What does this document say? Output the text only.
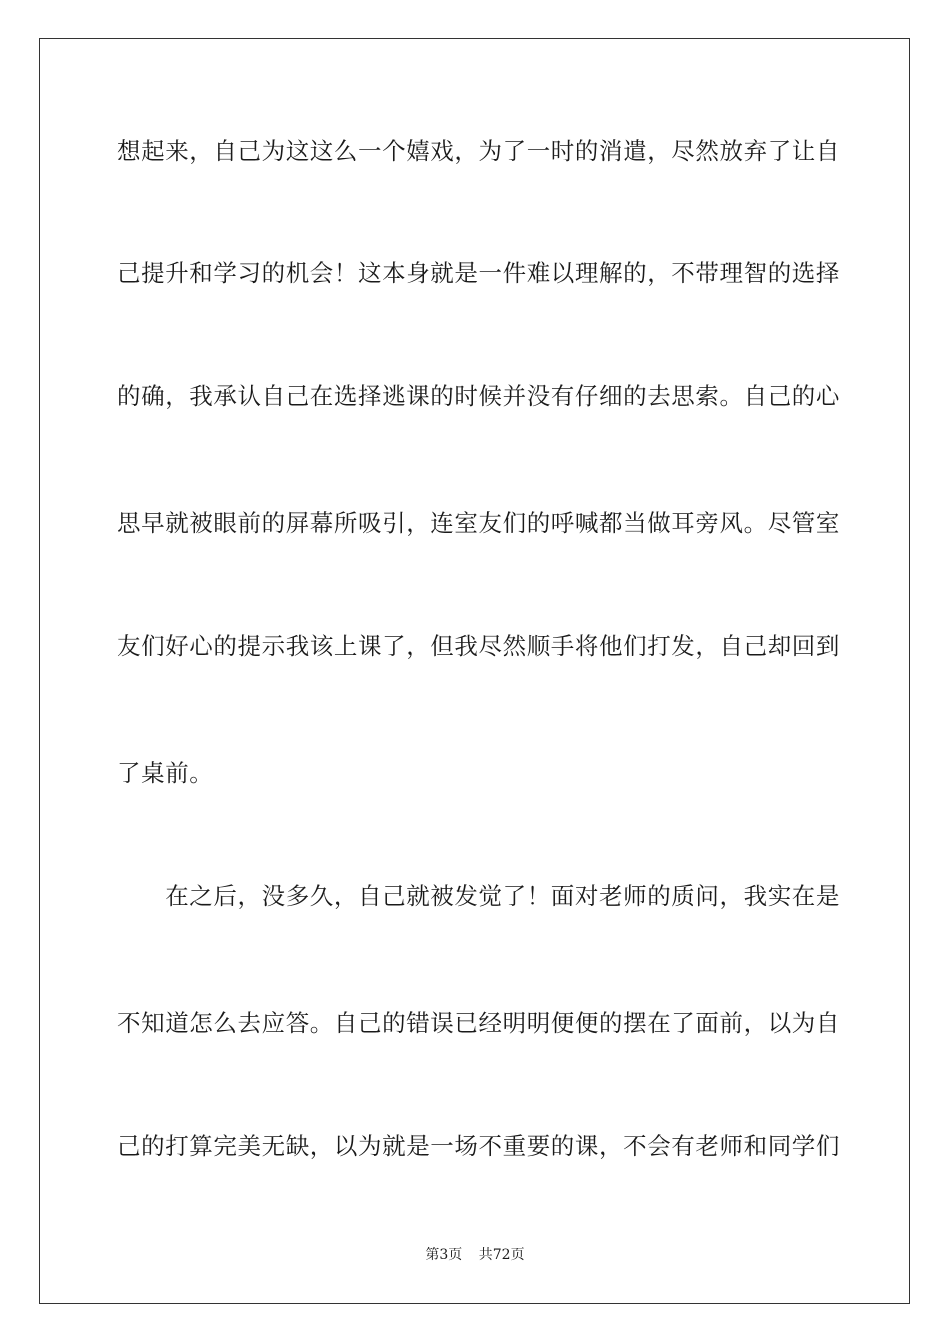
想起来，自己为这这么一个嬉戏，为了一时的消遣，尽然放弃了让自
己提升和学习的机会！这本身就是一件难以理解的，不带理智的选择
的确，我承认自己在选择逃课的时候并没有仔细的去思索。自己的心
思早就被眼前的屏幕所吸引，连室友们的呼喊都当做耳旁风。尽管室
友们好心的提示我该上课了，但我尽然顺手将他们打发，自己却回到
了桌前。
　　在之后，没多久，自己就被发觉了！面对老师的质问，我实在是
不知道怎么去应答。自己的错误已经明明便便的摆在了面前，以为自
己的打算完美无缺，以为就是一场不重要的课，不会有老师和同学们
第3页 共72页
